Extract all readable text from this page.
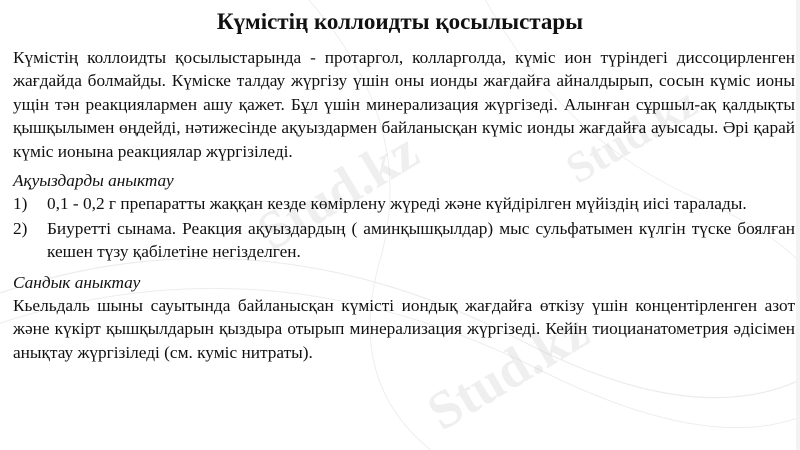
Stud.kz	Stud.kz
Stud.kz
Күмістің коллоидты қосылыстары

Күмістің коллоидты қосылыстарында - протаргол, колларголда, күміс ион түріндегі диссоцирленген жағдайда болмайды. Күміске талдау жүргізу үшін оны ионды жағдайға айналдырып, сосын күміс ионы ущін тән реакциялармен ашу қажет. Бұл үшін минерализация жүргізеді. Алынған сұршыл-ақ қалдықты қышқылымен өңдейді, нәтижесінде ақуыздармен байланысқан күміс ионды жағдайға ауысады. Әрі қарай күміс ионына реакциялар жүргізіледі.

Ақуыздарды аныктау
1) 0,1 - 0,2 г препаратты жаққан кезде көмірлену жүреді және күйдірілген мүйіздің иісі таралады.
2) Биуретті сынама. Реакция ақуыздардың ( аминқышқылдар) мыс сульфатымен күлгін түске боялған кешен түзу қабілетіне негізделген.
Сандык аныктау

Кьельдаль шыны сауытында байланысқан күмісті иондық жағдайға өткізу үшін концентірленген азот және күкірт қышқылдарын қыздыра отырып минерализация жүргізеді. Кейін тиоцианатометрия әдісімен анықтау жүргізіледі (см. куміс нитраты).
